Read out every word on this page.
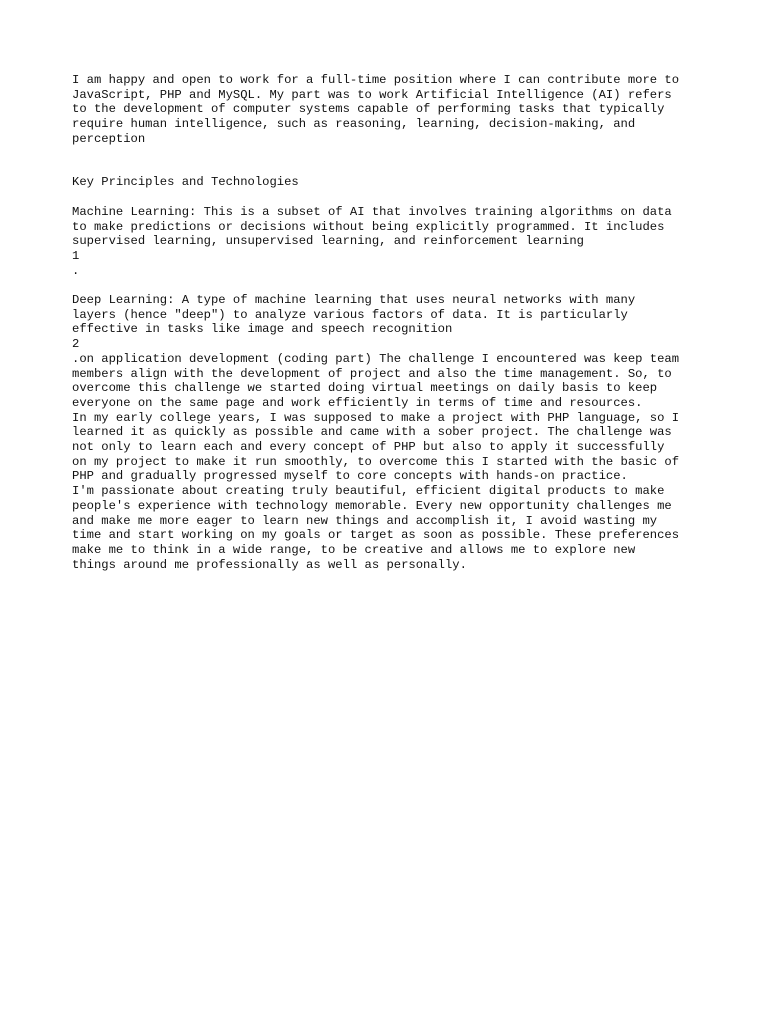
I am happy and open to work for a full-time position where I can contribute more to
JavaScript, PHP and MySQL. My part was to work Artificial Intelligence (AI) refers
to the development of computer systems capable of performing tasks that typically
require human intelligence, such as reasoning, learning, decision-making, and
perception

Key Principles and Technologies

Machine Learning: This is a subset of AI that involves training algorithms on data
to make predictions or decisions without being explicitly programmed. It includes
supervised learning, unsupervised learning, and reinforcement learning
1
.

Deep Learning: A type of machine learning that uses neural networks with many
layers (hence "deep") to analyze various factors of data. It is particularly
effective in tasks like image and speech recognition
2
.on application development (coding part) The challenge I encountered was keep team
members align with the development of project and also the time management. So, to
overcome this challenge we started doing virtual meetings on daily basis to keep
everyone on the same page and work efficiently in terms of time and resources.
In my early college years, I was supposed to make a project with PHP language, so I
learned it as quickly as possible and came with a sober project. The challenge was
not only to learn each and every concept of PHP but also to apply it successfully
on my project to make it run smoothly, to overcome this I started with the basic of
PHP and gradually progressed myself to core concepts with hands-on practice.
I'm passionate about creating truly beautiful, efficient digital products to make
people's experience with technology memorable. Every new opportunity challenges me
and make me more eager to learn new things and accomplish it, I avoid wasting my
time and start working on my goals or target as soon as possible. These preferences
make me to think in a wide range, to be creative and allows me to explore new
things around me professionally as well as personally.
